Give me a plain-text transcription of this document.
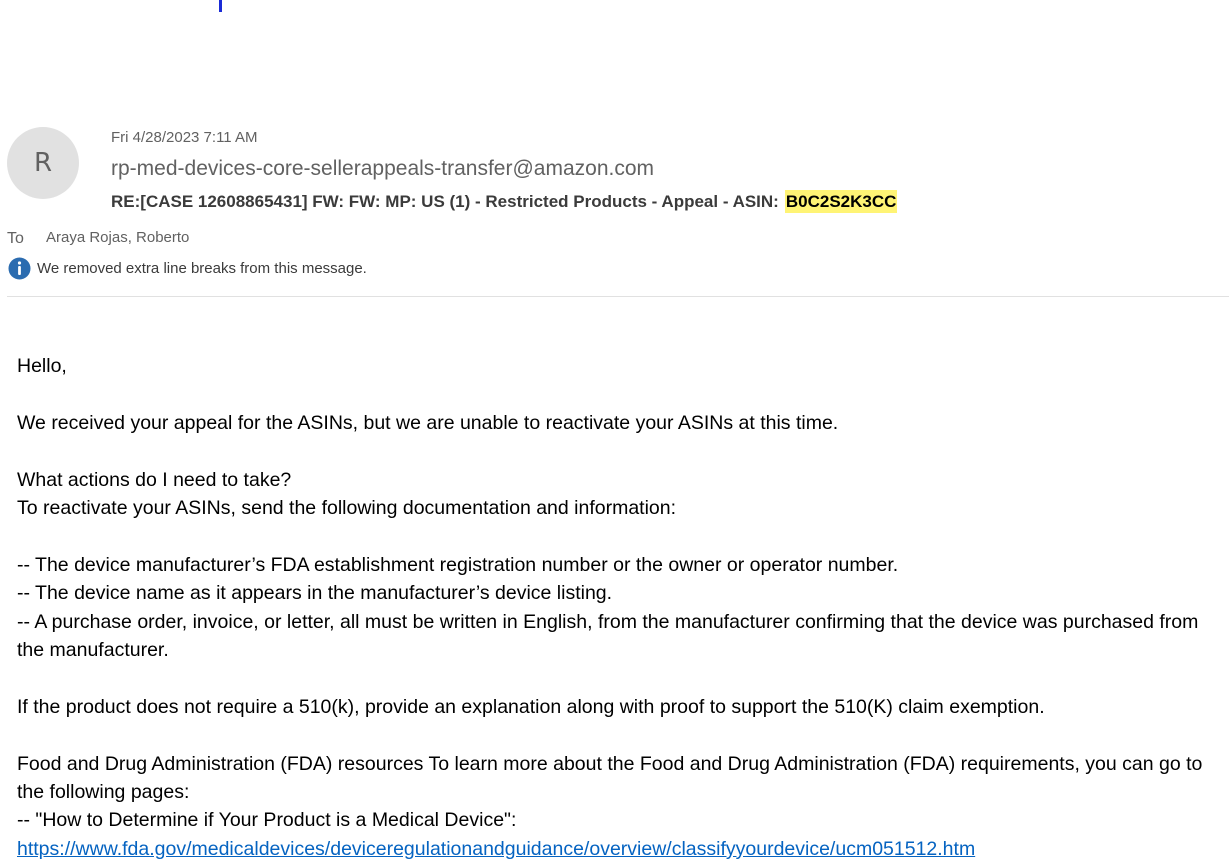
R
Fri 4/28/2023 7:11 AM
rp-med-devices-core-sellerappeals-transfer@amazon.com
RE:[CASE 12608865431] FW: FW: MP: US (1) - Restricted Products - Appeal - ASIN: B0C2S2K3CC
To Araya Rojas, Roberto
We removed extra line breaks from this message.

Hello,

We received your appeal for the ASINs, but we are unable to reactivate your ASINs at this time.

What actions do I need to take?

To reactivate your ASINs, send the following documentation and information:

-- The device manufacturer’s FDA establishment registration number or the owner or operator number.

-- The device name as it appears in the manufacturer’s device listing.

-- A purchase order, invoice, or letter, all must be written in English, from the manufacturer confirming that the device was purchased from the manufacturer.

If the product does not require a 510(k), provide an explanation along with proof to support the 510(K) claim exemption.

Food and Drug Administration (FDA) resources To learn more about the Food and Drug Administration (FDA) requirements, you can go to the following pages:

-- "How to Determine if Your Product is a Medical Device":

https://www.fda.gov/medicaldevices/deviceregulationandguidance/overview/classifyyourdevice/ucm051512.htm
